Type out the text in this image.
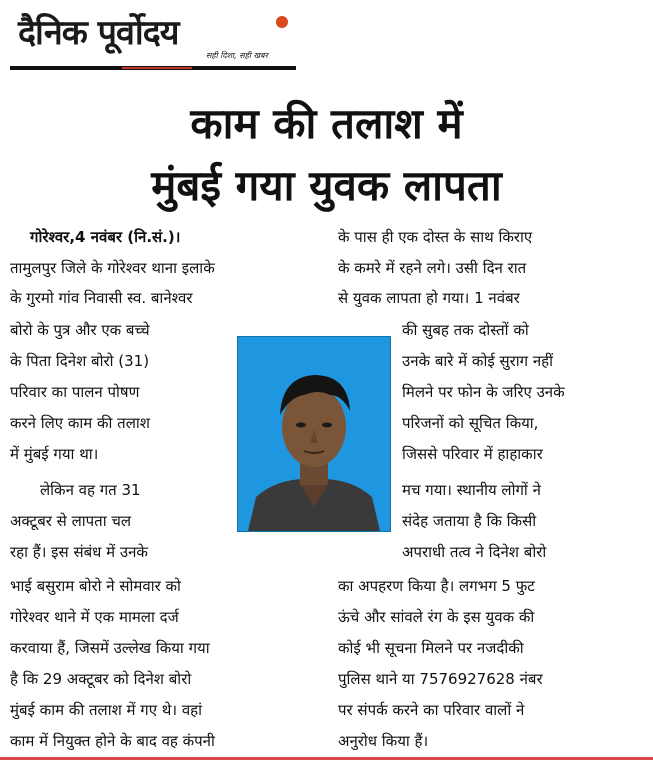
दैनिक पूर्वोदय
सही दिशा, सही खबर
काम की तलाश में
मुंबई गया युवक लापता
गोरेश्वर,4 नवंबर (नि.सं.)।
तामुलपुर जिले के गोरेश्वर थाना इलाके
के गुरमो गांव निवासी स्व. बानेश्वर
बोरो के पुत्र और एक बच्चे
के पिता दिनेश बोरो (31)
परिवार का पालन पोषण
करने लिए काम की तलाश
में मुंबई गया था।
लेकिन वह गत 31
अक्टूबर से लापता चल
रहा हैं। इस संबंध में उनके
भाई बसुराम बोरो ने सोमवार को
गोरेश्वर थाने में एक मामला दर्ज
करवाया हैं, जिसमें उल्लेख किया गया
है कि 29 अक्टूबर को दिनेश बोरो
मुंबई काम की तलाश में गए थे। वहां
काम में नियुक्त होने के बाद वह कंपनी
के पास ही एक दोस्त के साथ किराए
के कमरे में रहने लगे। उसी दिन रात
से युवक लापता हो गया। 1 नवंबर
की सुबह तक दोस्तों को
उनके बारे में कोई सुराग नहीं
मिलने पर फोन के जरिए उनके
परिजनों को सूचित किया,
जिससे परिवार में हाहाकार
मच गया। स्थानीय लोगों ने
संदेह जताया है कि किसी
अपराधी तत्व ने दिनेश बोरो
का अपहरण किया है। लगभग 5 फुट
ऊंचे और सांवले रंग के इस युवक की
कोई भी सूचना मिलने पर नजदीकी
पुलिस थाने या 7576927628 नंबर
पर संपर्क करने का परिवार वालों ने
अनुरोध किया हैं।
